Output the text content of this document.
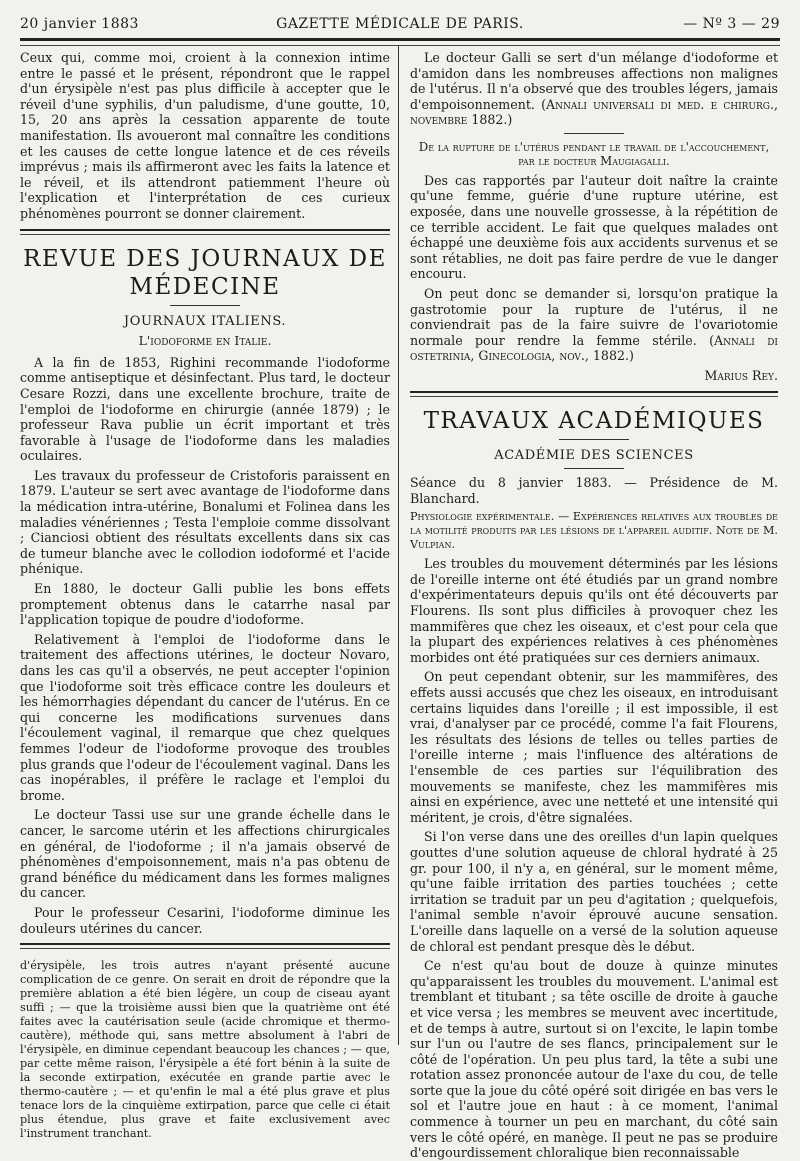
20 janvier 1883	GAZETTE MÉDICALE DE PARIS.	— Nº 3 — 29

Ceux qui, comme moi, croient à la connexion intime entre le passé et le présent, répondront que le rappel d'un érysipèle n'est pas plus difficile à accepter que le réveil d'une syphilis, d'un paludisme, d'une goutte, 10, 15, 20 ans après la cessation apparente de toute manifestation. Ils avoueront mal connaître les conditions et les causes de cette longue latence et de ces réveils imprévus ; mais ils affirmeront avec les faits la latence et le réveil, et ils attendront patiemment l'heure où l'explication et l'interprétation de ces curieux phénomènes pourront se donner clairement.

REVUE DES JOURNAUX DE MÉDECINE
JOURNAUX ITALIENS.
L'iodoforme en Italie.

A la fin de 1853, Righini recommande l'iodoforme comme antiseptique et désinfectant. Plus tard, le docteur Cesare Rozzi, dans une excellente brochure, traite de l'emploi de l'iodoforme en chirurgie (année 1879) ; le professeur Rava publie un écrit important et très favorable à l'usage de l'iodoforme dans les maladies oculaires.

Les travaux du professeur de Cristoforis paraissent en 1879. L'auteur se sert avec avantage de l'iodoforme dans la médication intra-utérine, Bonalumi et Folinea dans les maladies vénériennes ; Testa l'emploie comme dissolvant ; Cianciosi obtient des résultats excellents dans six cas de tumeur blanche avec le collodion iodoformé et l'acide phénique.

En 1880, le docteur Galli publie les bons effets promptement obtenus dans le catarrhe nasal par l'application topique de poudre d'iodoforme.

Relativement à l'emploi de l'iodoforme dans le traitement des affections utérines, le docteur Novaro, dans les cas qu'il a observés, ne peut accepter l'opinion que l'iodoforme soit très efficace contre les douleurs et les hémorrhagies dépendant du cancer de l'utérus. En ce qui concerne les modifications survenues dans l'écoulement vaginal, il remarque que chez quelques femmes l'odeur de l'iodoforme provoque des troubles plus grands que l'odeur de l'écoulement vaginal. Dans les cas inopérables, il préfère le raclage et l'emploi du brome.

Le docteur Tassi use sur une grande échelle dans le cancer, le sarcome utérin et les affections chirurgicales en général, de l'iodoforme ; il n'a jamais observé de phénomènes d'empoisonnement, mais n'a pas obtenu de grand bénéfice du médicament dans les formes malignes du cancer.

Pour le professeur Cesarini, l'iodoforme diminue les douleurs utérines du cancer.

d'érysipèle, les trois autres n'ayant présenté aucune complication de ce genre. On serait en droit de répondre que la première ablation a été bien légère, un coup de ciseau ayant suffi ; — que la troisième aussi bien que la quatrième ont été faites avec la cautérisation seule (acide chromique et thermo-cautère), méthode qui, sans mettre absolument à l'abri de l'érysipèle, en diminue cependant beaucoup les chances ; — que, par cette même raison, l'érysipèle a été fort bénin à la suite de la seconde extirpation, exécutée en grande partie avec le thermo-cautère ; — et qu'enfin le mal a été plus grave et plus tenace lors de la cinquième extirpation, parce que celle ci était plus étendue, plus grave et faite exclusivement avec l'instrument tranchant.

Le docteur Galli se sert d'un mélange d'iodoforme et d'amidon dans les nombreuses affections non malignes de l'utérus. Il n'a observé que des troubles légers, jamais d'empoisonnement. (Annali universali di med. e chirurg., novembre 1882.)

De la rupture de l'utérus pendant le travail de l'accouchement, par le docteur Maugiagalli.

Des cas rapportés par l'auteur doit naître la crainte qu'une femme, guérie d'une rupture utérine, est exposée, dans une nouvelle grossesse, à la répétition de ce terrible accident. Le fait que quelques malades ont échappé une deuxième fois aux accidents survenus et se sont rétablies, ne doit pas faire perdre de vue le danger encouru.

On peut donc se demander si, lorsqu'on pratique la gastrotomie pour la rupture de l'utérus, il ne conviendrait pas de la faire suivre de l'ovariotomie normale pour rendre la femme stérile. (Annali di ostetrinia, Ginecologia, nov., 1882.)

Marius Rey.

TRAVAUX ACADÉMIQUES
ACADÉMIE DES SCIENCES

Séance du 8 janvier 1883. — Présidence de M. Blanchard.

Physiologie expérimentale. — Expériences relatives aux troubles de la motilité produits par les lésions de l'appareil auditif. Note de M. Vulpian.

Les troubles du mouvement déterminés par les lésions de l'oreille interne ont été étudiés par un grand nombre d'expérimentateurs depuis qu'ils ont été découverts par Flourens. Ils sont plus difficiles à provoquer chez les mammifères que chez les oiseaux, et c'est pour cela que la plupart des expériences relatives à ces phénomènes morbides ont été pratiquées sur ces derniers animaux.

On peut cependant obtenir, sur les mammifères, des effets aussi accusés que chez les oiseaux, en introduisant certains liquides dans l'oreille ; il est impossible, il est vrai, d'analyser par ce procédé, comme l'a fait Flourens, les résultats des lésions de telles ou telles parties de l'oreille interne ; mais l'influence des altérations de l'ensemble de ces parties sur l'équilibration des mouvements se manifeste, chez les mammifères mis ainsi en expérience, avec une netteté et une intensité qui méritent, je crois, d'être signalées.

Si l'on verse dans une des oreilles d'un lapin quelques gouttes d'une solution aqueuse de chloral hydraté à 25 gr. pour 100, il n'y a, en général, sur le moment même, qu'une faible irritation des parties touchées ; cette irritation se traduit par un peu d'agitation ; quelquefois, l'animal semble n'avoir éprouvé aucune sensation. L'oreille dans laquelle on a versé de la solution aqueuse de chloral est pendant presque dès le début.

Ce n'est qu'au bout de douze à quinze minutes qu'apparaissent les troubles du mouvement. L'animal est tremblant et titubant ; sa tête oscille de droite à gauche et vice versa ; les membres se meuvent avec incertitude, et de temps à autre, surtout si on l'excite, le lapin tombe sur l'un ou l'autre de ses flancs, principalement sur le côté de l'opération. Un peu plus tard, la tête a subi une rotation assez prononcée autour de l'axe du cou, de telle sorte que la joue du côté opéré soit dirigée en bas vers le sol et l'autre joue en haut : à ce moment, l'animal commence à tourner un peu en marchant, du côté sain vers le côté opéré, en manège. Il peut ne pas se produire d'engourdissement chloralique bien reconnaissable
